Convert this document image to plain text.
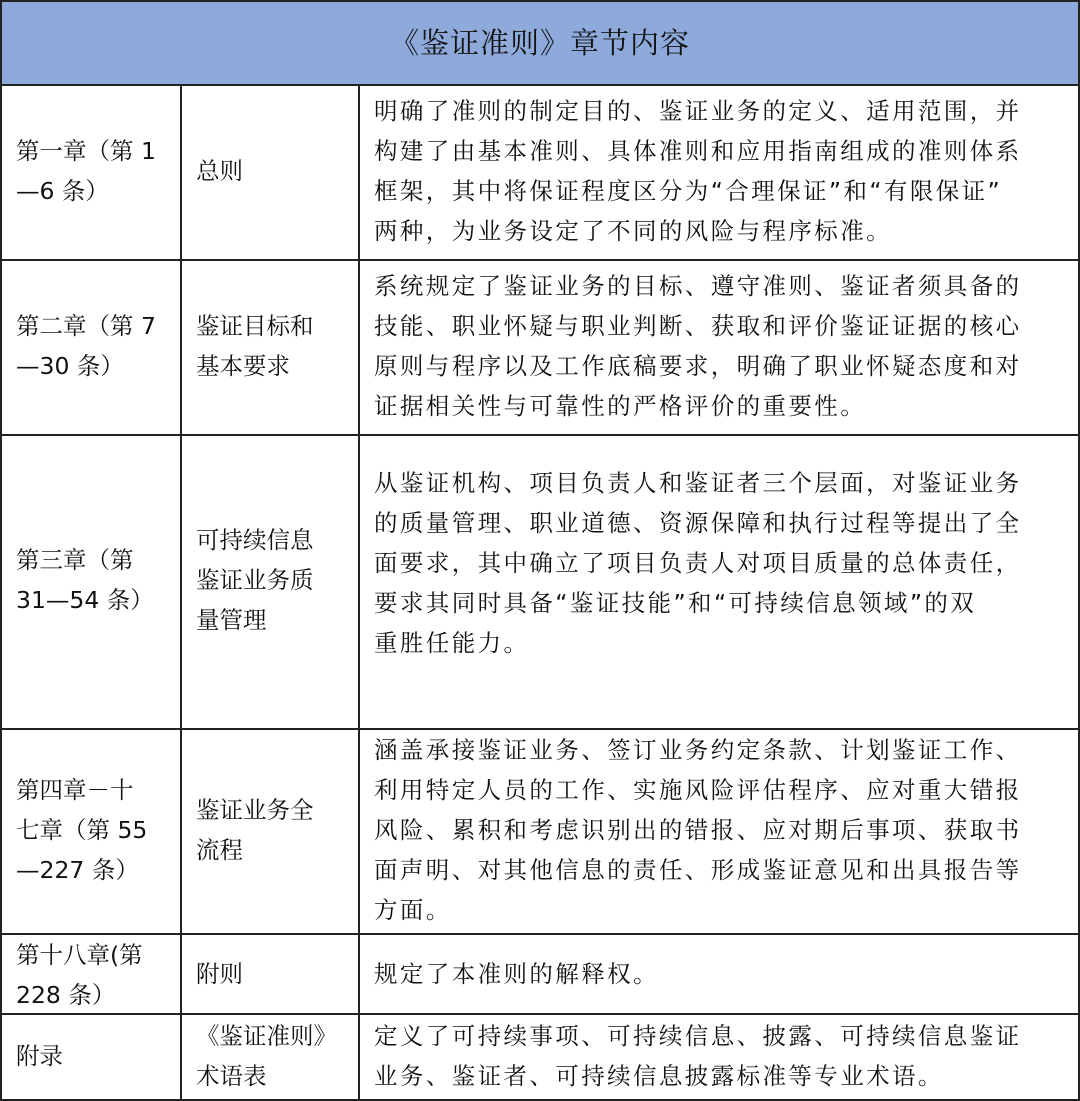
《鉴证准则》章节内容
第一章（第 1
—6 条）
总则
明确了准则的制定目的、鉴证业务的定义、适用范围，并
构建了由基本准则、具体准则和应用指南组成的准则体系
框架，其中将保证程度区分为“合理保证”和“有限保证”
两种，为业务设定了不同的风险与程序标准。
第二章（第 7
—30 条）
鉴证目标和
基本要求
系统规定了鉴证业务的目标、遵守准则、鉴证者须具备的
技能、职业怀疑与职业判断、获取和评价鉴证证据的核心
原则与程序以及工作底稿要求，明确了职业怀疑态度和对
证据相关性与可靠性的严格评价的重要性。
第三章（第
31—54 条）
可持续信息
鉴证业务质
量管理
从鉴证机构、项目负责人和鉴证者三个层面，对鉴证业务
的质量管理、职业道德、资源保障和执行过程等提出了全
面要求，其中确立了项目负责人对项目质量的总体责任，
要求其同时具备“鉴证技能”和“可持续信息领域”的双
重胜任能力。
第四章－十
七章（第 55
—227 条）
鉴证业务全
流程
涵盖承接鉴证业务、签订业务约定条款、计划鉴证工作、
利用特定人员的工作、实施风险评估程序、应对重大错报
风险、累积和考虑识别出的错报、应对期后事项、获取书
面声明、对其他信息的责任、形成鉴证意见和出具报告等
方面。
第十八章(第
228 条）
附则	规定了本准则的解释权。
附录
《鉴证准则》
术语表
定义了可持续事项、可持续信息、披露、可持续信息鉴证
业务、鉴证者、可持续信息披露标准等专业术语。
